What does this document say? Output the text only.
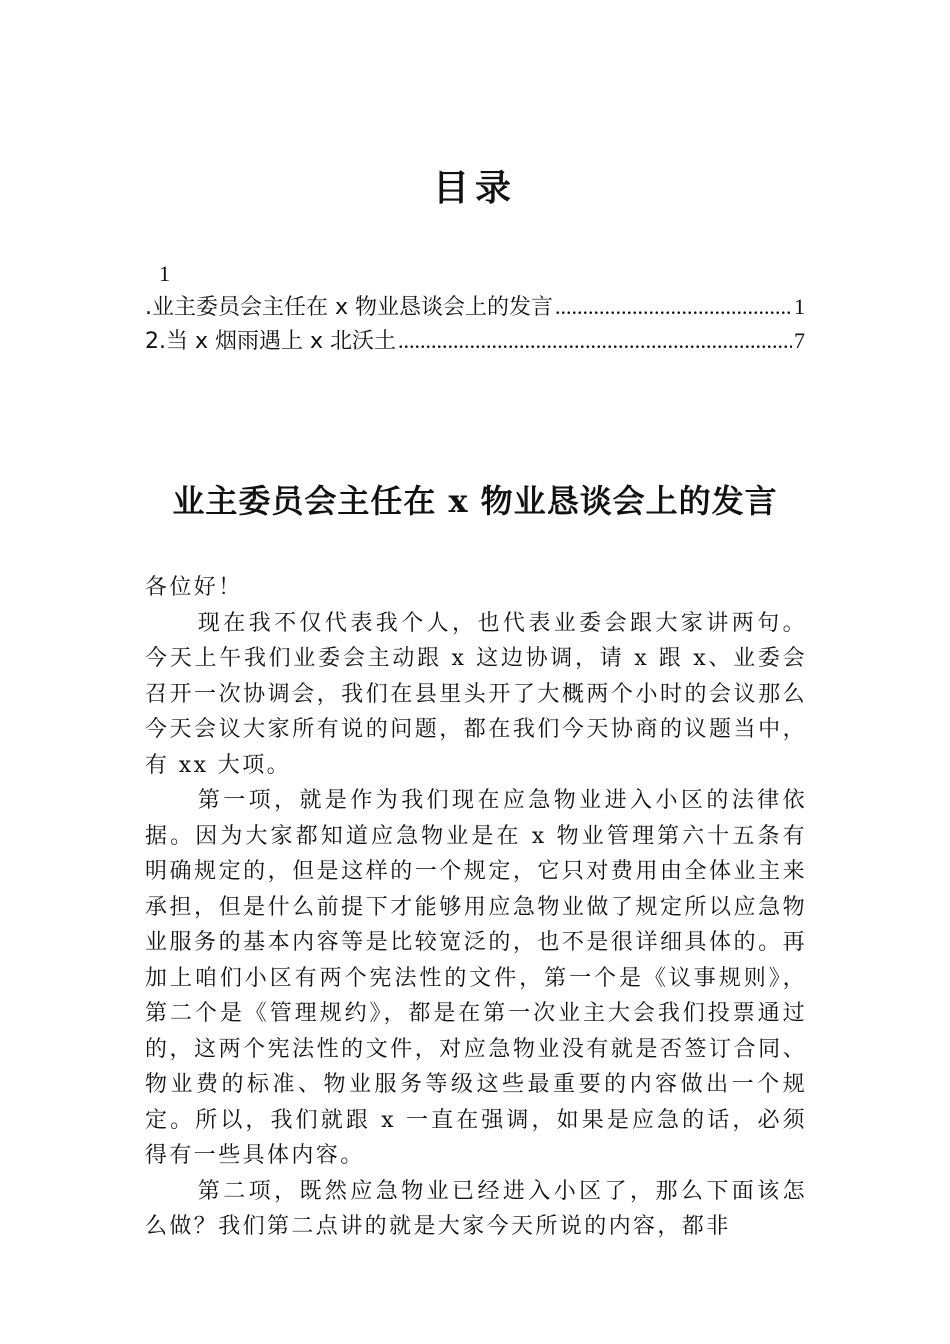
目录
1
.业主委员会主任在 x 物业恳谈会上的发言 .....	1
2.当 x 烟雨遇上 x 北沃土 .....	7
业主委员会主任在 x 物业恳谈会上的发言

各位好！

现在我不仅代表我个人，也代表业委会跟大家讲两句。今天上午我们业委会主动跟 x 这边协调，请 x 跟 x、业委会召开一次协调会，我们在县里头开了大概两个小时的会议那么今天会议大家所有说的问题，都在我们今天协商的议题当中，有 xx 大项。

第一项，就是作为我们现在应急物业进入小区的法律依据。因为大家都知道应急物业是在 x 物业管理第六十五条有明确规定的，但是这样的一个规定，它只对费用由全体业主来承担，但是什么前提下才能够用应急物业做了规定所以应急物业服务的基本内容等是比较宽泛的，也不是很详细具体的。再加上咱们小区有两个宪法性的文件，第一个是《议事规则》，第二个是《管理规约》，都是在第一次业主大会我们投票通过的，这两个宪法性的文件，对应急物业没有就是否签订合同、物业费的标准、物业服务等级这些最重要的内容做出一个规定。所以，我们就跟 x 一直在强调，如果是应急的话，必须得有一些具体内容。

第二项，既然应急物业已经进入小区了，那么下面该怎么做？我们第二点讲的就是大家今天所说的内容，都非
